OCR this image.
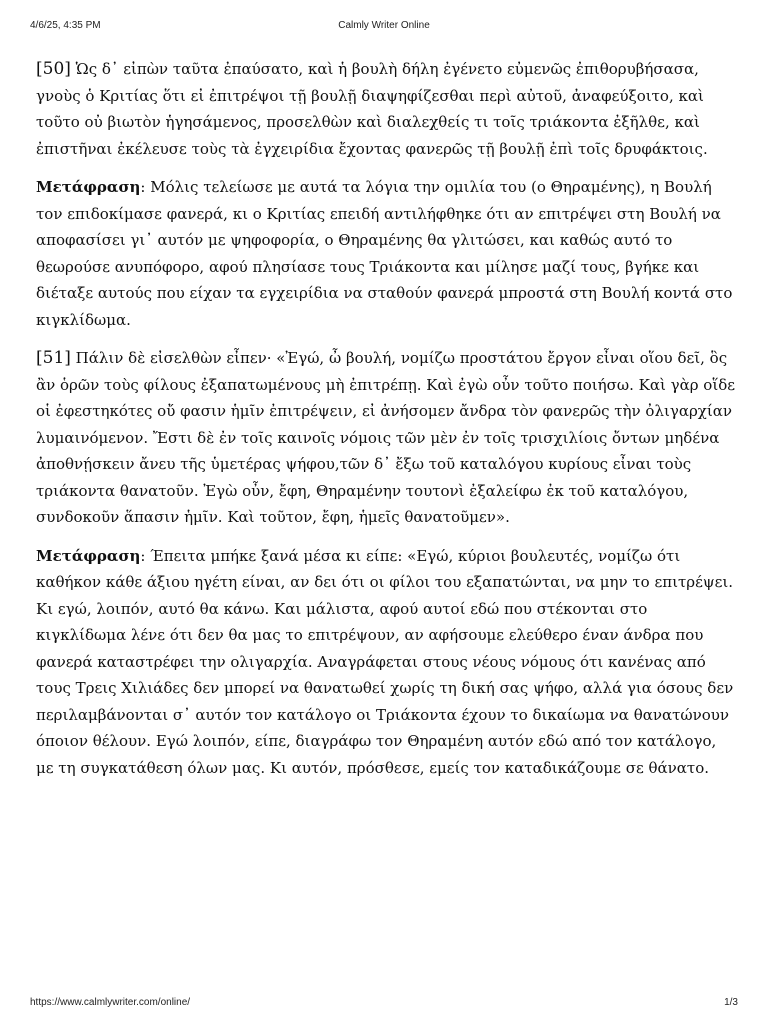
4/6/25, 4:35 PM	Calmly Writer Online

[50] Ὡς δ᾽ εἰπὼν ταῦτα ἐπαύσατο, καὶ ἡ βουλὴ δήλη ἐγένετο εὐμενῶς ἐπιθορυβήσασα, γνοὺς ὁ Κριτίας ὅτι εἰ ἐπιτρέψοι τῇ βουλῇ διαψηφίζεσθαι περὶ αὐτοῦ, ἀναφεύξοιτο, καὶ τοῦτο οὐ βιωτὸν ἡγησάμενος, προσελθὼν καὶ διαλεχθείς τι τοῖς τριάκοντα ἐξῆλθε, καὶ ἐπιστῆναι ἐκέλευσε τοὺς τὰ ἐγχειρίδια ἔχοντας φανερῶς τῇ βουλῇ ἐπὶ τοῖς δρυφάκτοις.

Μετάφραση: Μόλις τελείωσε με αυτά τα λόγια την ομιλία του (ο Θηραμένης), η Βουλή τον επιδοκίμασε φανερά, κι ο Κριτίας επειδή αντιλήφθηκε ότι αν επιτρέψει στη Βουλή να αποφασίσει γι᾽ αυτόν με ψηφοφορία, ο Θηραμένης θα γλιτώσει, και καθώς αυτό το θεωρούσε ανυπόφορο, αφού πλησίασε τους Τριάκοντα και μίλησε μαζί τους, βγήκε και διέταξε αυτούς που είχαν τα εγχειρίδια να σταθούν φανερά μπροστά στη Βουλή κοντά στο κιγκλίδωμα.

[51] Πάλιν δὲ εἰσελθὼν εἶπεν· «Ἐγώ, ὦ βουλή, νομίζω προστάτου ἔργον εἶναι οἵου δεῖ, ὃς ἂν ὁρῶν τοὺς φίλους ἐξαπατωμένους μὴ ἐπιτρέπῃ. Καὶ ἐγὼ οὖν τοῦτο ποιήσω. Καὶ γὰρ οἵδε οἱ ἐφεστηκότες οὔ φασιν ἡμῖν ἐπιτρέψειν, εἰ ἀνήσομεν ἄνδρα τὸν φανερῶς τὴν ὀλιγαρχίαν λυμαινόμενον. Ἔστι δὲ ἐν τοῖς καινοῖς νόμοις τῶν μὲν ἐν τοῖς τρισχιλίοις ὄντων μηδένα ἀποθνῄσκειν ἄνευ τῆς ὑμετέρας ψήφου,τῶν δ᾽ ἔξω τοῦ καταλόγου κυρίους εἶναι τοὺς τριάκοντα θανατοῦν. Ἐγὼ οὖν, ἔφη, Θηραμένην τουτονὶ ἐξαλείφω ἐκ τοῦ καταλόγου, συνδοκοῦν ἅπασιν ἡμῖν. Καὶ τοῦτον, ἔφη, ἡμεῖς θανατοῦμεν».

Μετάφραση: Έπειτα μπήκε ξανά μέσα κι είπε: «Εγώ, κύριοι βουλευτές, νομίζω ότι καθήκον κάθε άξιου ηγέτη είναι, αν δει ότι οι φίλοι του εξαπατώνται, να μην το επιτρέψει. Κι εγώ, λοιπόν, αυτό θα κάνω. Και μάλιστα, αφού αυτοί εδώ που στέκονται στο κιγκλίδωμα λένε ότι δεν θα μας το επιτρέψουν, αν αφήσουμε ελεύθερο έναν άνδρα που φανερά καταστρέφει την ολιγαρχία. Αναγράφεται στους νέους νόμους ότι κανένας από τους Τρεις Χιλιάδες δεν μπορεί να θανατωθεί χωρίς τη δική σας ψήφο, αλλά για όσους δεν περιλαμβάνονται σ᾽ αυτόν τον κατάλογο οι Τριάκοντα έχουν το δικαίωμα να θανατώνουν όποιον θέλουν. Εγώ λοιπόν, είπε, διαγράφω τον Θηραμένη αυτόν εδώ από τον κατάλογο, με τη συγκατάθεση όλων μας. Κι αυτόν, πρόσθεσε, εμείς τον καταδικάζουμε σε θάνατο.

https://www.calmlywriter.com/online/	1/3
